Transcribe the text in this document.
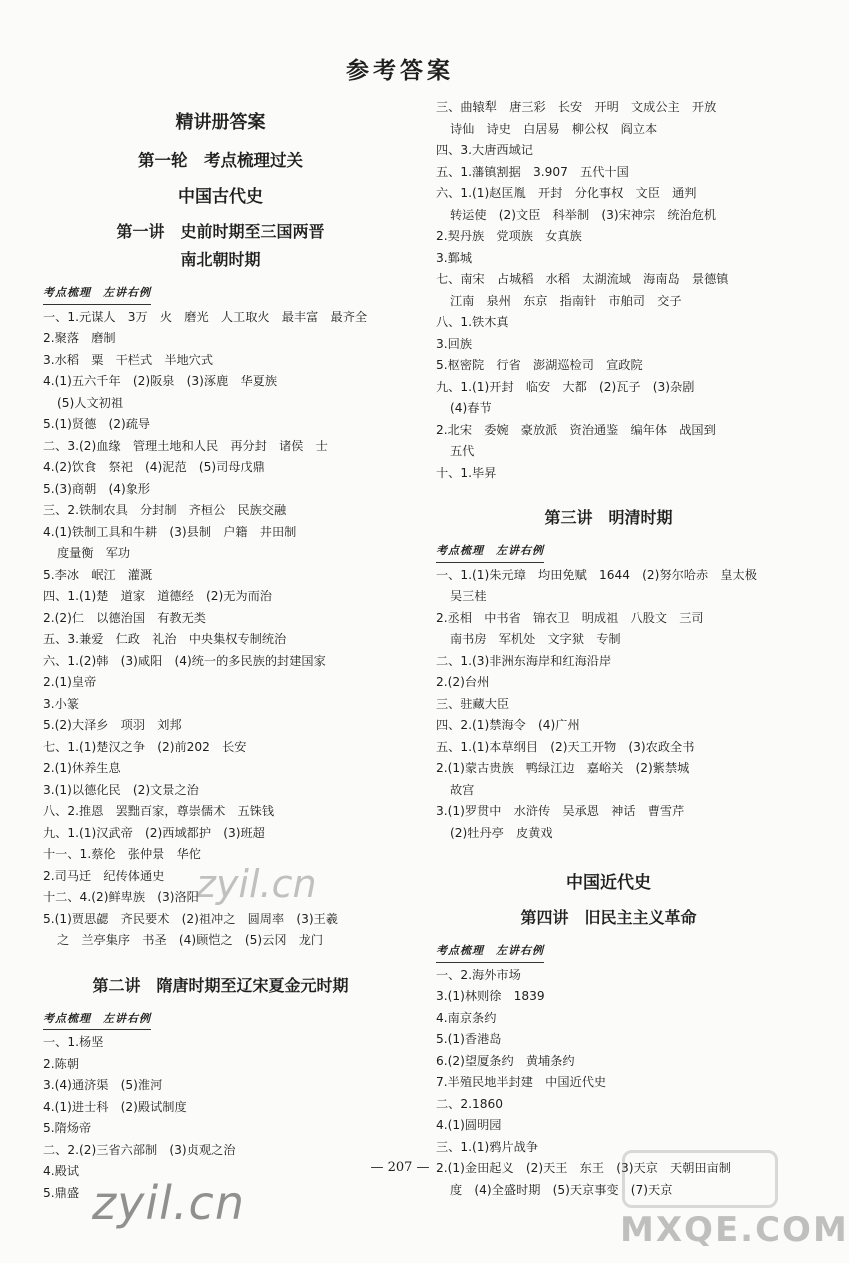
参考答案
精讲册答案
第一轮　考点梳理过关
中国古代史
第一讲　史前时期至三国两晋
南北朝时期
考点梳理　左讲右例
一、1.元谋人　3万　火　磨光　人工取火　最丰富　最齐全
2.聚落　磨制
3.水稻　粟　干栏式　半地穴式
4.(1)五六千年　(2)阪泉　(3)涿鹿　华夏族
(5)人文初祖
5.(1)贤德　(2)疏导
二、3.(2)血缘　管理土地和人民　再分封　诸侯　士
4.(2)饮食　祭祀　(4)泥范　(5)司母戊鼎
5.(3)商朝　(4)象形
三、2.铁制农具　分封制　齐桓公　民族交融
4.(1)铁制工具和牛耕　(3)县制　户籍　井田制
度量衡　军功
5.李冰　岷江　灌溉
四、1.(1)楚　道家　道德经　(2)无为而治
2.(2)仁　以德治国　有教无类
五、3.兼爱　仁政　礼治　中央集权专制统治
六、1.(2)韩　(3)咸阳　(4)统一的多民族的封建国家
2.(1)皇帝
3.小篆
5.(2)大泽乡　项羽　刘邦
七、1.(1)楚汉之争　(2)前202　长安
2.(1)休养生息
3.(1)以德化民　(2)文景之治
八、2.推恩　罢黜百家，尊崇儒术　五铢钱
九、1.(1)汉武帝　(2)西域都护　(3)班超
十一、1.蔡伦　张仲景　华佗
2.司马迁　纪传体通史
十二、4.(2)鲜卑族　(3)洛阳
5.(1)贾思勰　齐民要术　(2)祖冲之　圆周率　(3)王羲
之　兰亭集序　书圣　(4)顾恺之　(5)云冈　龙门
第二讲　隋唐时期至辽宋夏金元时期
考点梳理　左讲右例
一、1.杨坚
2.陈朝
3.(4)通济渠　(5)淮河
4.(1)进士科　(2)殿试制度
5.隋炀帝
二、2.(2)三省六部制　(3)贞观之治
4.殿试
5.鼎盛
三、曲辕犁　唐三彩　长安　开明　文成公主　开放
诗仙　诗史　白居易　柳公权　阎立本
四、3.大唐西域记
五、1.藩镇割据　3.907　五代十国
六、1.(1)赵匡胤　开封　分化事权　文臣　通判
转运使　(2)文臣　科举制　(3)宋神宗　统治危机
2.契丹族　党项族　女真族
3.鄞城
七、南宋　占城稻　水稻　太湖流域　海南岛　景德镇
江南　泉州　东京　指南针　市舶司　交子
八、1.铁木真
3.回族
5.枢密院　行省　澎湖巡检司　宣政院
九、1.(1)开封　临安　大都　(2)瓦子　(3)杂剧
(4)春节
2.北宋　委婉　豪放派　资治通鉴　编年体　战国到
五代
十、1.毕昇
第三讲　明清时期
考点梳理　左讲右例
一、1.(1)朱元璋　均田免赋　1644　(2)努尔哈赤　皇太极
吴三桂
2.丞相　中书省　锦衣卫　明成祖　八股文　三司
南书房　军机处　文字狱　专制
二、1.(3)非洲东海岸和红海沿岸
2.(2)台州
三、驻藏大臣
四、2.(1)禁海令　(4)广州
五、1.(1)本草纲目　(2)天工开物　(3)农政全书
2.(1)蒙古贵族　鸭绿江边　嘉峪关　(2)紫禁城
故宫
3.(1)罗贯中　水浒传　吴承恩　神话　曹雪芹
(2)牡丹亭　皮黄戏
中国近代史
第四讲　旧民主主义革命
考点梳理　左讲右例
一、2.海外市场
3.(1)林则徐　1839
4.南京条约
5.(1)香港岛
6.(2)望厦条约　黄埔条约
7.半殖民地半封建　中国近代史
二、2.1860
4.(1)圆明园
三、1.(1)鸦片战争
2.(1)金田起义　(2)天王　东王　(3)天京　天朝田亩制
度　(4)全盛时期　(5)天京事变　(7)天京
— 207 —
zyil.cn
zyil.cn	MXQE.COM
